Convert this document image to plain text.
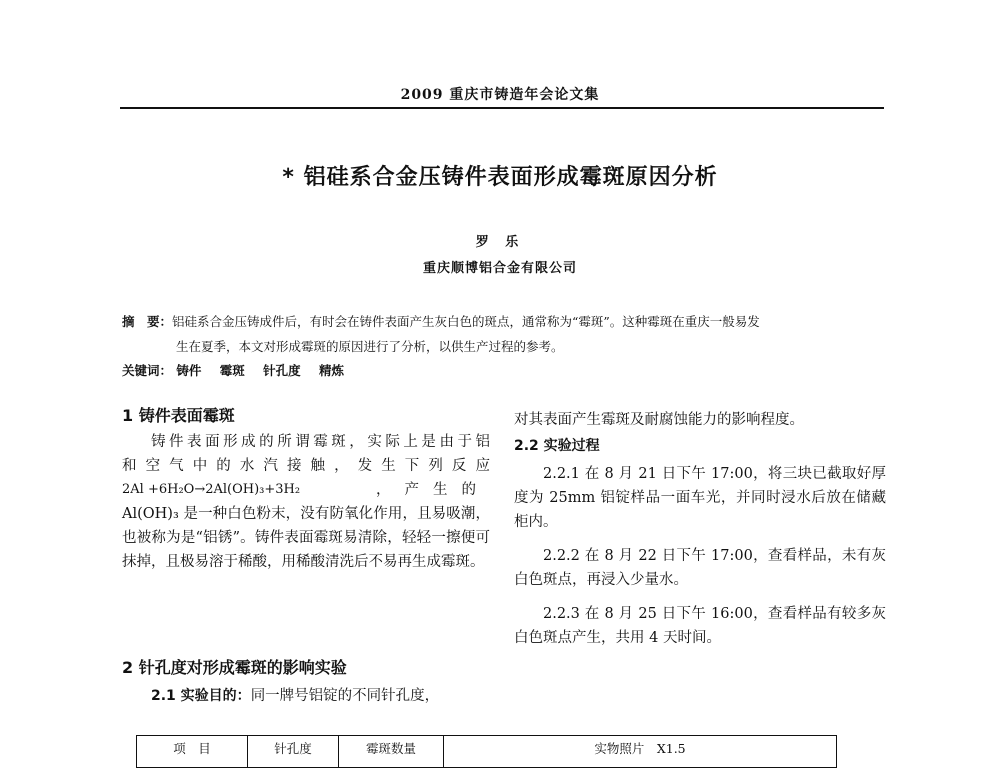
2009 重庆市铸造年会论文集
* 铝硅系合金压铸件表面形成霉斑原因分析
罗 乐
重庆顺博铝合金有限公司
摘　要：铝硅系合金压铸成件后，有时会在铸件表面产生灰白色的斑点，通常称为“霉斑”。这种霉斑在重庆一般易发
生在夏季，本文对形成霉斑的原因进行了分析，以供生产过程的参考。
关键词： 铸件 霉斑 针孔度 精炼
1 铸件表面霉斑

铸件表面形成的所谓霉斑，实际上是由于铝

和空气中的水汽接触，发生下列反应
2Al +6H₂O→2Al(OH)₃+3H₂	，产生的
Al(OH)₃ 是一种白色粉末，没有防氧化作用，且易吸潮，也被称为是“铝锈”。铸件表面霉斑易清除，轻轻一擦便可抹掉，且极易溶于稀酸，用稀酸清洗后不易再生成霉斑。
2 针孔度对形成霉斑的影响实验
2.1 实验目的：同一牌号铝锭的不同针孔度，
对其表面产生霉斑及耐腐蚀能力的影响程度。
2.2 实验过程

2.2.1 在 8 月 21 日下午 17:00，将三块已截取好厚度为 25mm 铝锭样品一面车光，并同时浸水后放在储藏柜内。

2.2.2 在 8 月 22 日下午 17:00，查看样品，未有灰白色斑点，再浸入少量水。

2.2.3 在 8 月 25 日下午 16:00，查看样品有较多灰白色斑点产生，共用 4 天时间。

项　目	针孔度	霉斑数量	实物照片　X1.5
